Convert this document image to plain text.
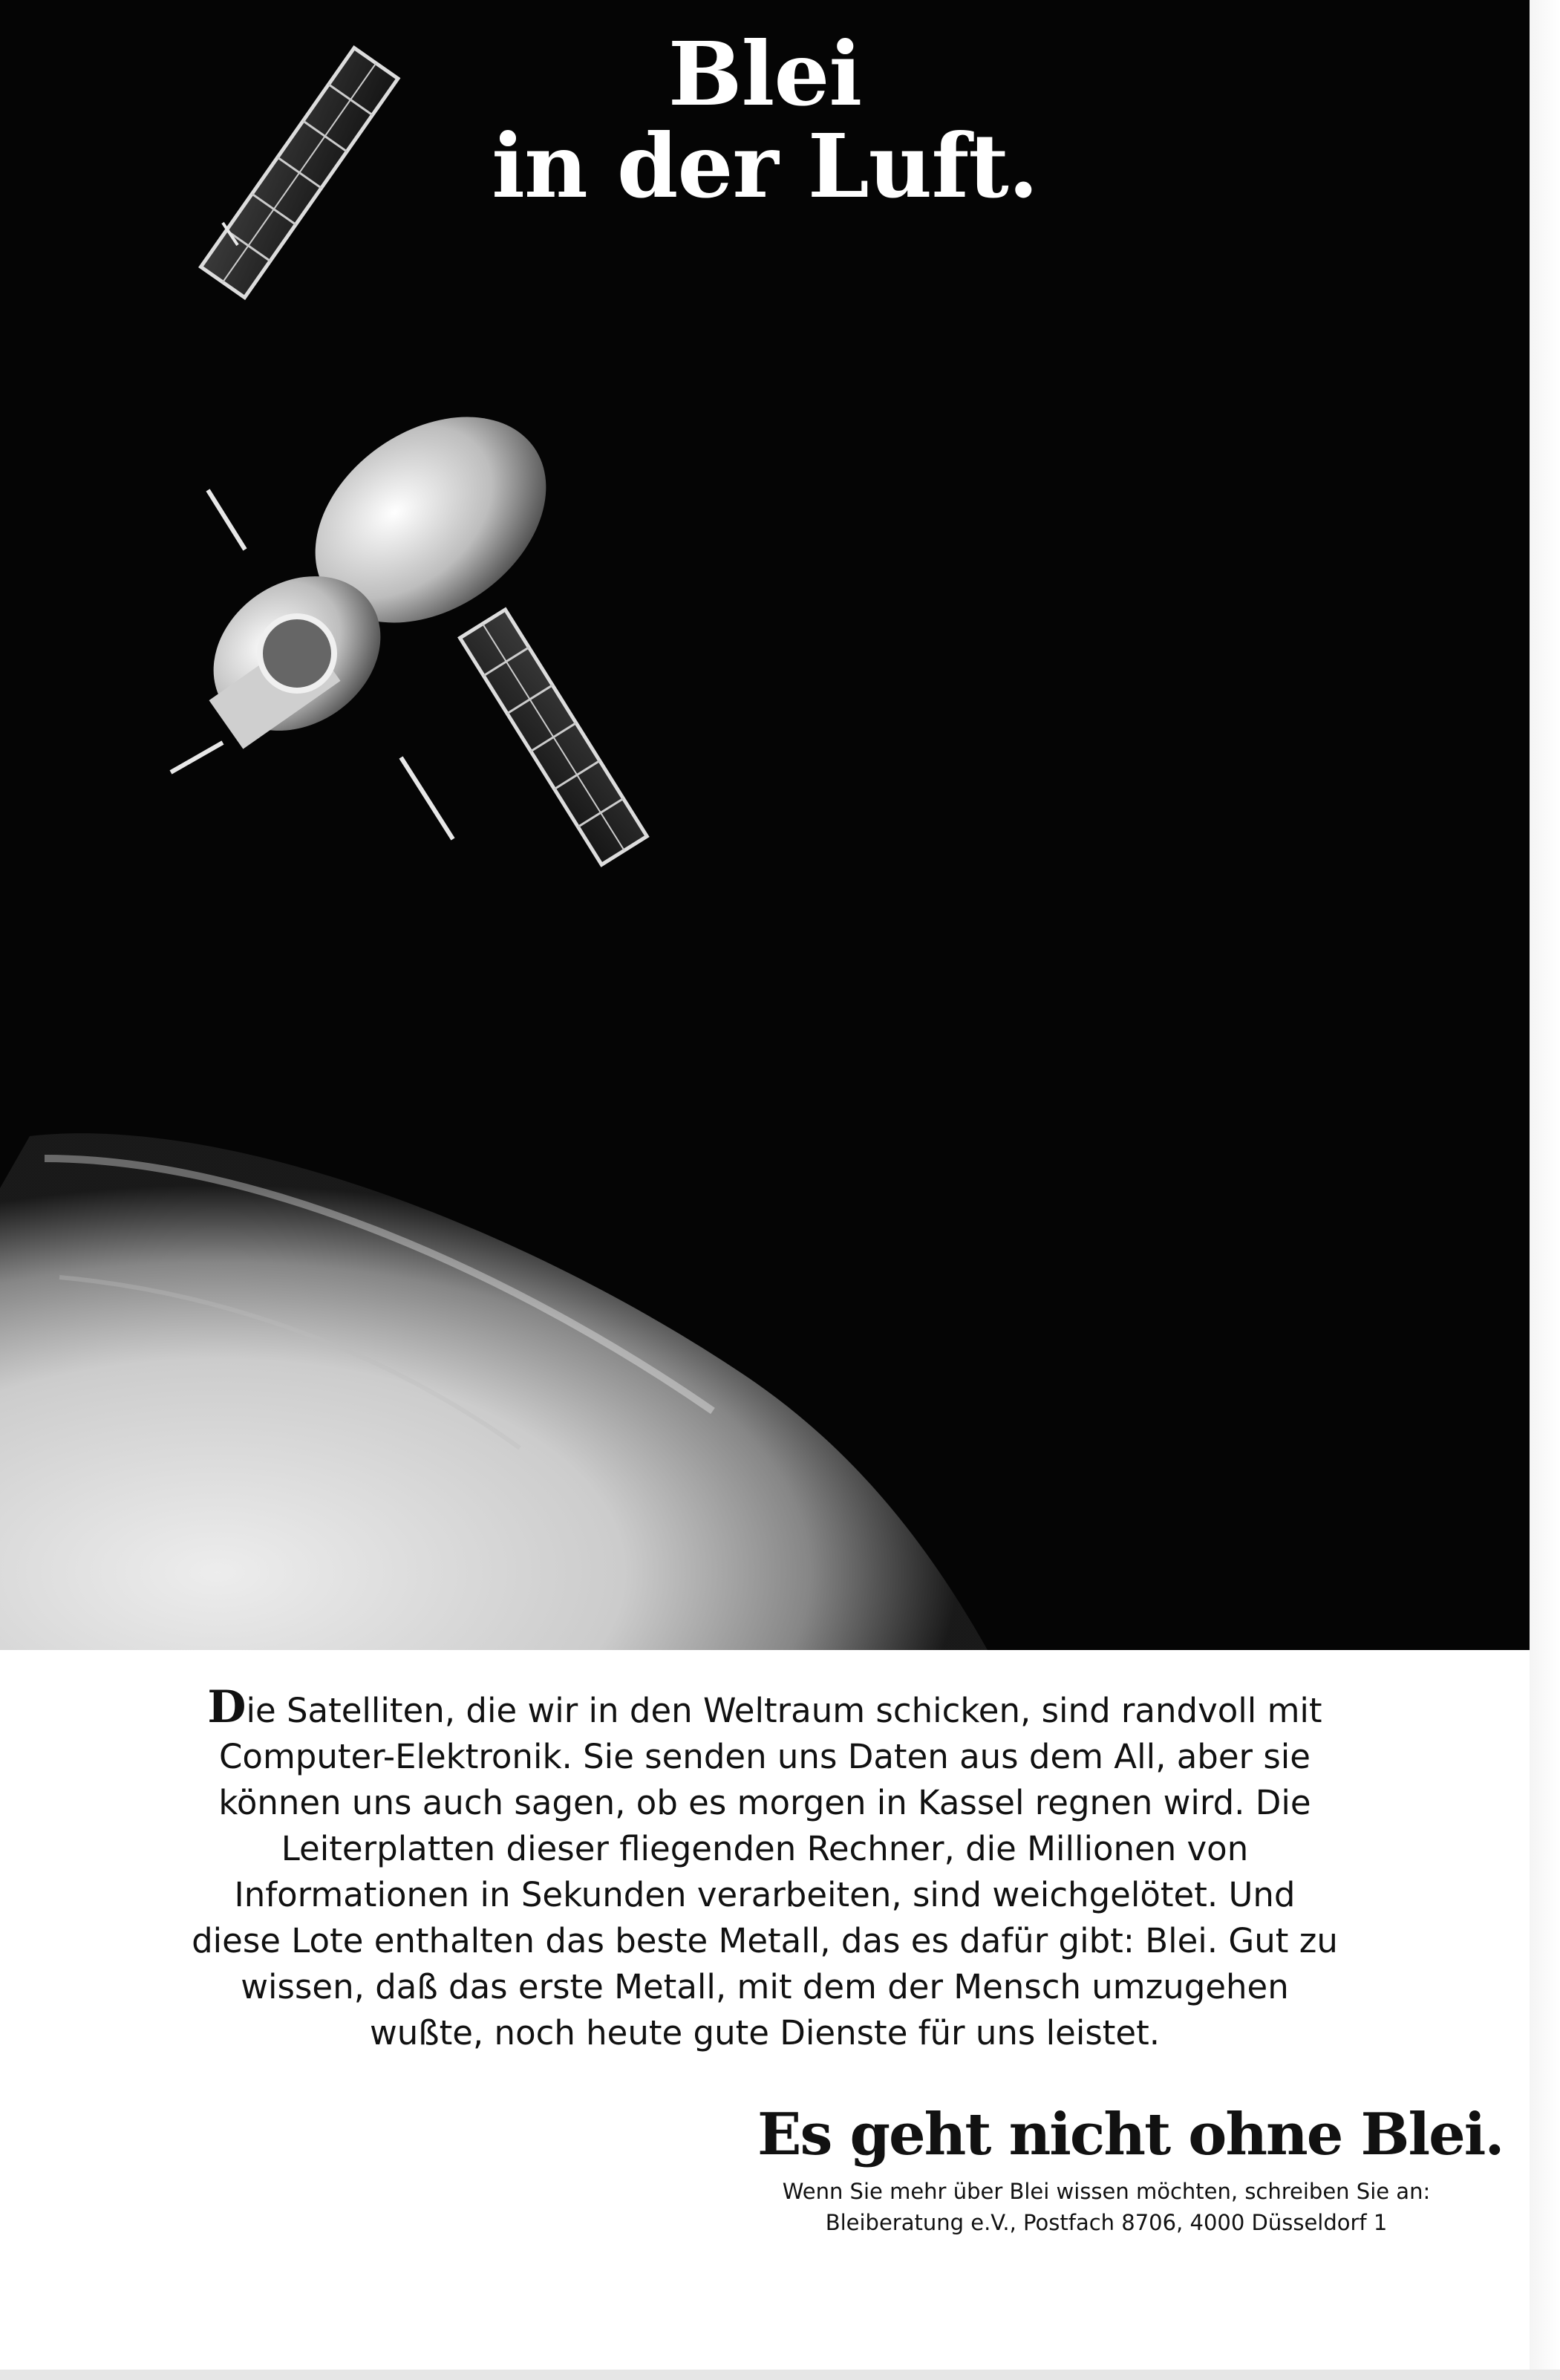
Blei
in der Luft.
Die Satelliten, die wir in den Weltraum schicken, sind randvoll mit
Computer-Elektronik. Sie senden uns Daten aus dem All, aber sie
können uns auch sagen, ob es morgen in Kassel regnen wird. Die
Leiterplatten dieser fliegenden Rechner, die Millionen von
Informationen in Sekunden verarbeiten, sind weichgelötet. Und
diese Lote enthalten das beste Metall, das es dafür gibt: Blei. Gut zu
wissen, daß das erste Metall, mit dem der Mensch umzugehen
wußte, noch heute gute Dienste für uns leistet.
Es geht nicht ohne Blei.
Wenn Sie mehr über Blei wissen möchten, schreiben Sie an:
Bleiberatung e.V., Postfach 8706, 4000 Düsseldorf 1
